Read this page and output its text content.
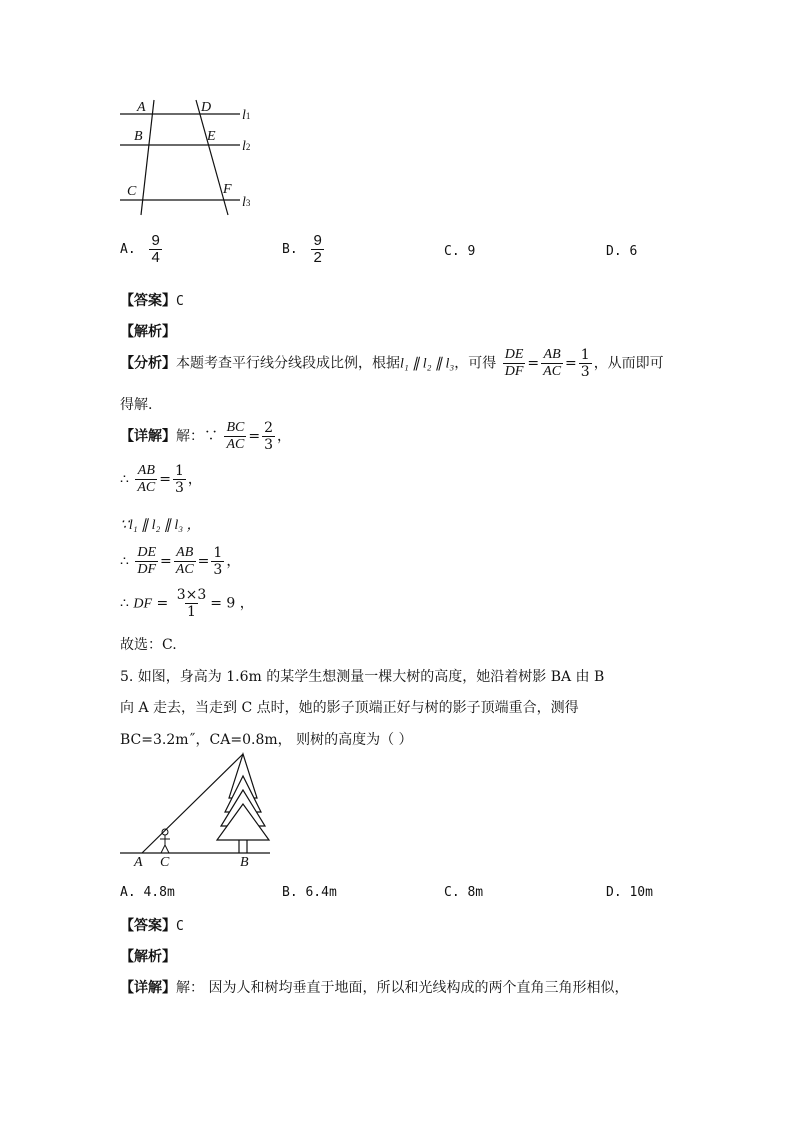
A	D
B	E
C	F
l1
l2
l3
A. $\frac{9}{4}$	B. $\frac{9}{2}$	C. 9	D. 6
【答案】C
【解析】
【分析】本题考查平行线分线段成比例，根据l₁ ∥ l₂ ∥ l₃，可得 $\frac{DE}{DF} = \frac{AB}{AC} = \frac{1}{3}$ ，从而即可
得解.
【详解】解：∵ $\frac{BC}{AC} = \frac{2}{3}$ ，
∴ $\frac{AB}{AC} = \frac{1}{3}$ ，
∵l₁ ∥ l₂ ∥ l₃ ，
∴ $\frac{DE}{DF} = \frac{AB}{AC} = \frac{1}{3}$ ，
∴ DF = $\frac{3\times 3}{1} = 9$ ，
故选：C.
5. 如图，身高为 1.6m 的某学生想测量一棵大树的高度，她沿着树影 BA 由 B
向 A 走去，当走到 C 点时，她的影子顶端正好与树的影子顶端重合，测得
BC=3.2m˝，CA=0.8m， 则树的高度为（ ）
A C	B
A. 4.8m	B. 6.4m	C. 8m	D. 10m
【答案】C
【解析】
【详解】解： 因为人和树均垂直于地面，所以和光线构成的两个直角三角形相似，
